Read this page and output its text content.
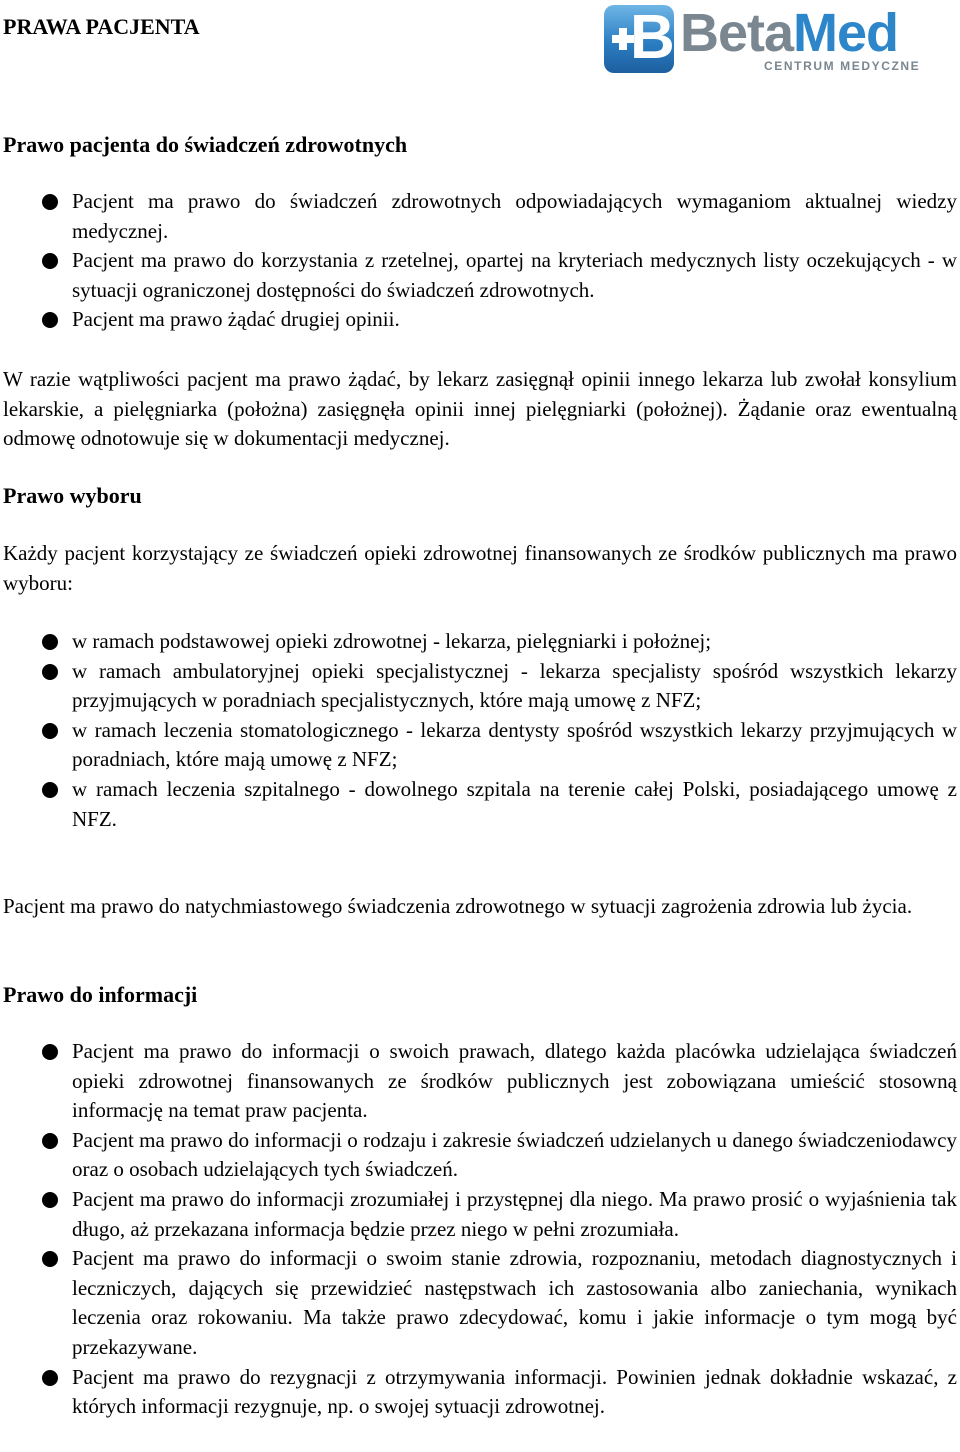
PRAWA PACJENTA	B BetaMed
CENTRUM MEDYCZNE
Prawo pacjenta do świadczeń zdrowotnych
Pacjent ma prawo do świadczeń zdrowotnych odpowiadających wymaganiom aktualnej wiedzy medycznej.
Pacjent ma prawo do korzystania z rzetelnej, opartej na kryteriach medycznych listy oczekujących - w sytuacji ograniczonej dostępności do świadczeń zdrowotnych.
Pacjent ma prawo żądać drugiej opinii.

W razie wątpliwości pacjent ma prawo żądać, by lekarz zasięgnął opinii innego lekarza lub zwołał konsylium lekarskie, a pielęgniarka (położna) zasięgnęła opinii innej pielęgniarki (położnej). Żądanie oraz ewentualną odmowę odnotowuje się w dokumentacji medycznej.

Prawo wyboru

Każdy pacjent korzystający ze świadczeń opieki zdrowotnej finansowanych ze środków publicznych ma prawo wyboru:

w ramach podstawowej opieki zdrowotnej - lekarza, pielęgniarki i położnej;
w ramach ambulatoryjnej opieki specjalistycznej - lekarza specjalisty spośród wszystkich lekarzy przyjmujących w poradniach specjalistycznych, które mają umowę z NFZ;
w ramach leczenia stomatologicznego - lekarza dentysty spośród wszystkich lekarzy przyjmujących w poradniach, które mają umowę z NFZ;
w ramach leczenia szpitalnego - dowolnego szpitala na terenie całej Polski, posiadającego umowę z NFZ.

Pacjent ma prawo do natychmiastowego świadczenia zdrowotnego w sytuacji zagrożenia zdrowia lub życia.

Prawo do informacji
Pacjent ma prawo do informacji o swoich prawach, dlatego każda placówka udzielająca świadczeń opieki zdrowotnej finansowanych ze środków publicznych jest zobowiązana umieścić stosowną informację na temat praw pacjenta.
Pacjent ma prawo do informacji o rodzaju i zakresie świadczeń udzielanych u danego świadczeniodawcy oraz o osobach udzielających tych świadczeń.
Pacjent ma prawo do informacji zrozumiałej i przystępnej dla niego. Ma prawo prosić o wyjaśnienia tak długo, aż przekazana informacja będzie przez niego w pełni zrozumiała.
Pacjent ma prawo do informacji o swoim stanie zdrowia, rozpoznaniu, metodach diagnostycznych i leczniczych, dających się przewidzieć następstwach ich zastosowania albo zaniechania, wynikach leczenia oraz rokowaniu. Ma także prawo zdecydować, komu i jakie informacje o tym mogą być przekazywane.
Pacjent ma prawo do rezygnacji z otrzymywania informacji. Powinien jednak dokładnie wskazać, z których informacji rezygnuje, np. o swojej sytuacji zdrowotnej.
